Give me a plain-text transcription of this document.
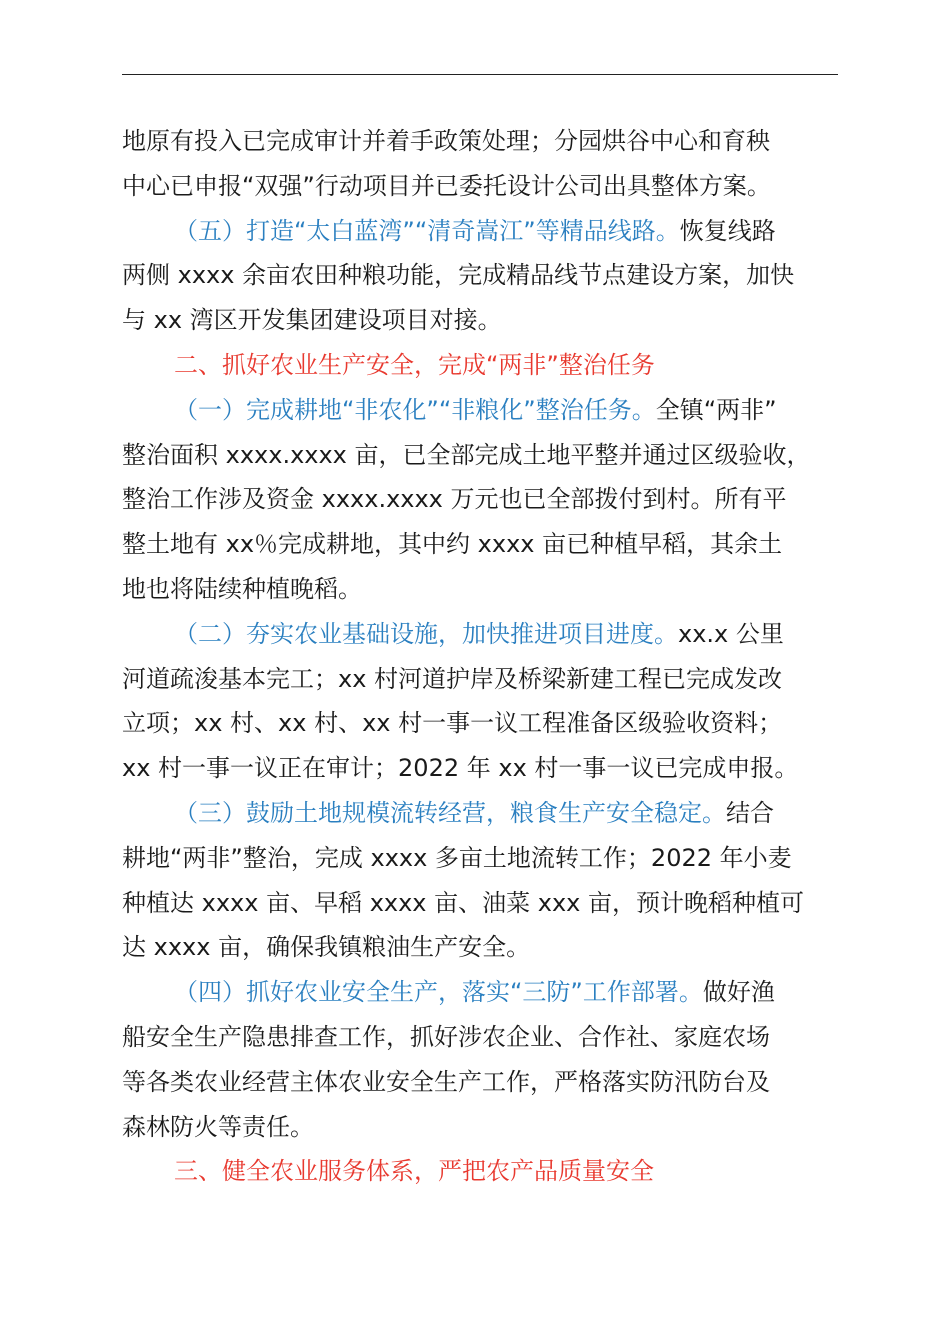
地原有投入已完成审计并着手政策处理；分园烘谷中心和育秧
中心已申报“双强”行动项目并已委托设计公司出具整体方案。
（五）打造“太白蓝湾”“清奇嵩江”等精品线路。恢复线路
两侧 xxxx 余亩农田种粮功能，完成精品线节点建设方案，加快
与 xx 湾区开发集团建设项目对接。
二、抓好农业生产安全，完成“两非”整治任务
（一）完成耕地“非农化”“非粮化”整治任务。全镇“两非”
整治面积 xxxx.xxxx 亩，已全部完成土地平整并通过区级验收，
整治工作涉及资金 xxxx.xxxx 万元也已全部拨付到村。所有平
整土地有 xx％完成耕地，其中约 xxxx 亩已种植早稻，其余土
地也将陆续种植晚稻。
（二）夯实农业基础设施，加快推进项目进度。xx.x 公里
河道疏浚基本完工；xx 村河道护岸及桥梁新建工程已完成发改
立项；xx 村、xx 村、xx 村一事一议工程准备区级验收资料；
xx 村一事一议正在审计；2022 年 xx 村一事一议已完成申报。
（三）鼓励土地规模流转经营，粮食生产安全稳定。结合
耕地“两非”整治，完成 xxxx 多亩土地流转工作；2022 年小麦
种植达 xxxx 亩、早稻 xxxx 亩、油菜 xxx 亩，预计晚稻种植可
达 xxxx 亩，确保我镇粮油生产安全。
（四）抓好农业安全生产，落实“三防”工作部署。做好渔
船安全生产隐患排查工作，抓好涉农企业、合作社、家庭农场
等各类农业经营主体农业安全生产工作，严格落实防汛防台及
森林防火等责任。
三、健全农业服务体系，严把农产品质量安全
